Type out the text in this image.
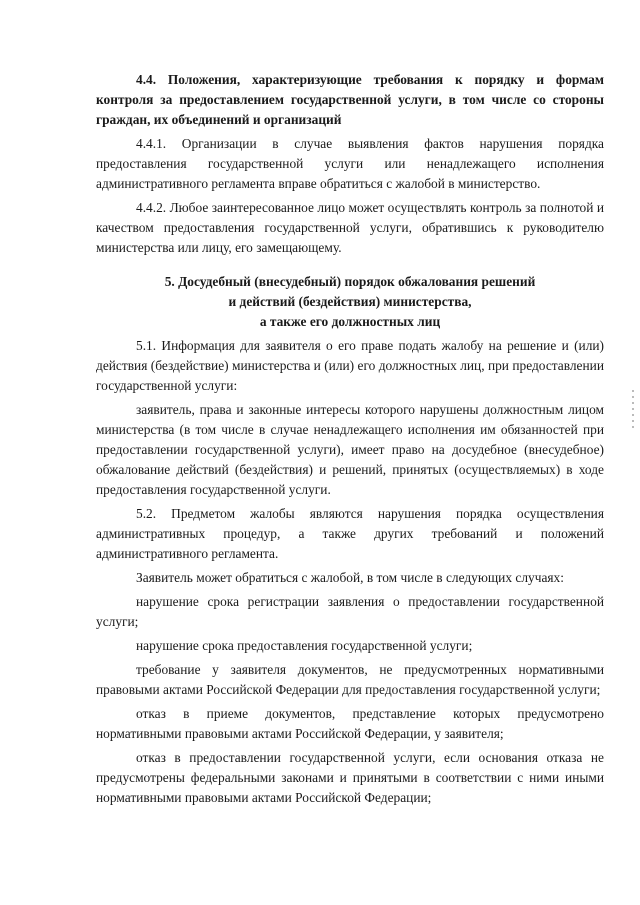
4.4. Положения, характеризующие требования к порядку и формам контроля за предоставлением государственной услуги, в том числе со стороны граждан, их объединений и организаций

4.4.1. Организации в случае выявления фактов нарушения порядка предоставления государственной услуги или ненадлежащего исполнения административного регламента вправе обратиться с жалобой в министерство.

4.4.2. Любое заинтересованное лицо может осуществлять контроль за полнотой и качеством предоставления государственной услуги, обратившись к руководителю министерства или лицу, его замещающему.

5. Досудебный (внесудебный) порядок обжалования решений
и действий (бездействия) министерства,
а также его должностных лиц

5.1. Информация для заявителя о его праве подать жалобу на решение и (или) действия (бездействие) министерства и (или) его должностных лиц, при предоставлении государственной услуги:

заявитель, права и законные интересы которого нарушены должностным лицом министерства (в том числе в случае ненадлежащего исполнения им обязанностей при предоставлении государственной услуги), имеет право на досудебное (внесудебное) обжалование действий (бездействия) и решений, принятых (осуществляемых) в ходе предоставления государственной услуги.

5.2. Предметом жалобы являются нарушения порядка осуществления административных процедур, а также других требований и положений административного регламента.

Заявитель может обратиться с жалобой, в том числе в следующих случаях:

нарушение срока регистрации заявления о предоставлении государственной услуги;

нарушение срока предоставления государственной услуги;

требование у заявителя документов, не предусмотренных нормативными правовыми актами Российской Федерации для предоставления государственной услуги;

отказ в приеме документов, представление которых предусмотрено нормативными правовыми актами Российской Федерации, у заявителя;

отказ в предоставлении государственной услуги, если основания отказа не предусмотрены федеральными законами и принятыми в соответствии с ними иными нормативными правовыми актами Российской Федерации;
